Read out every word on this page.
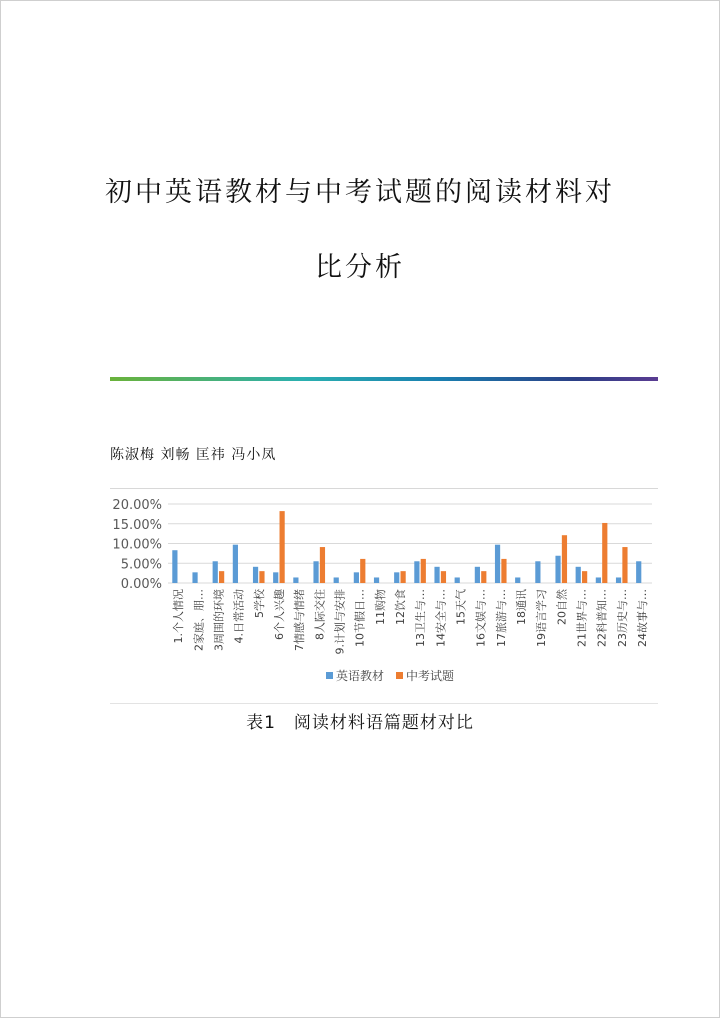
初中英语教材与中考试题的阅读材料对
比分析
陈淑梅 刘畅 匡祎 冯小凤
20.00%
15.00%
10.00%
5.00%
0.00%
1.个人情况 2家庭、朋… 3周围的环境 4.日常活动 5学校 6个人兴趣 7情感与情绪 8人际交往 9.计划与安排 10节假日… 11购物 12饮食 13卫生与… 14安全与… 15天气 16文娱与… 17旅游与… 18通讯 19语言学习 20自然 21世界与… 22科普知… 23历史与… 24故事与…
英语教材 中考试题
表1 阅读材料语篇题材对比
